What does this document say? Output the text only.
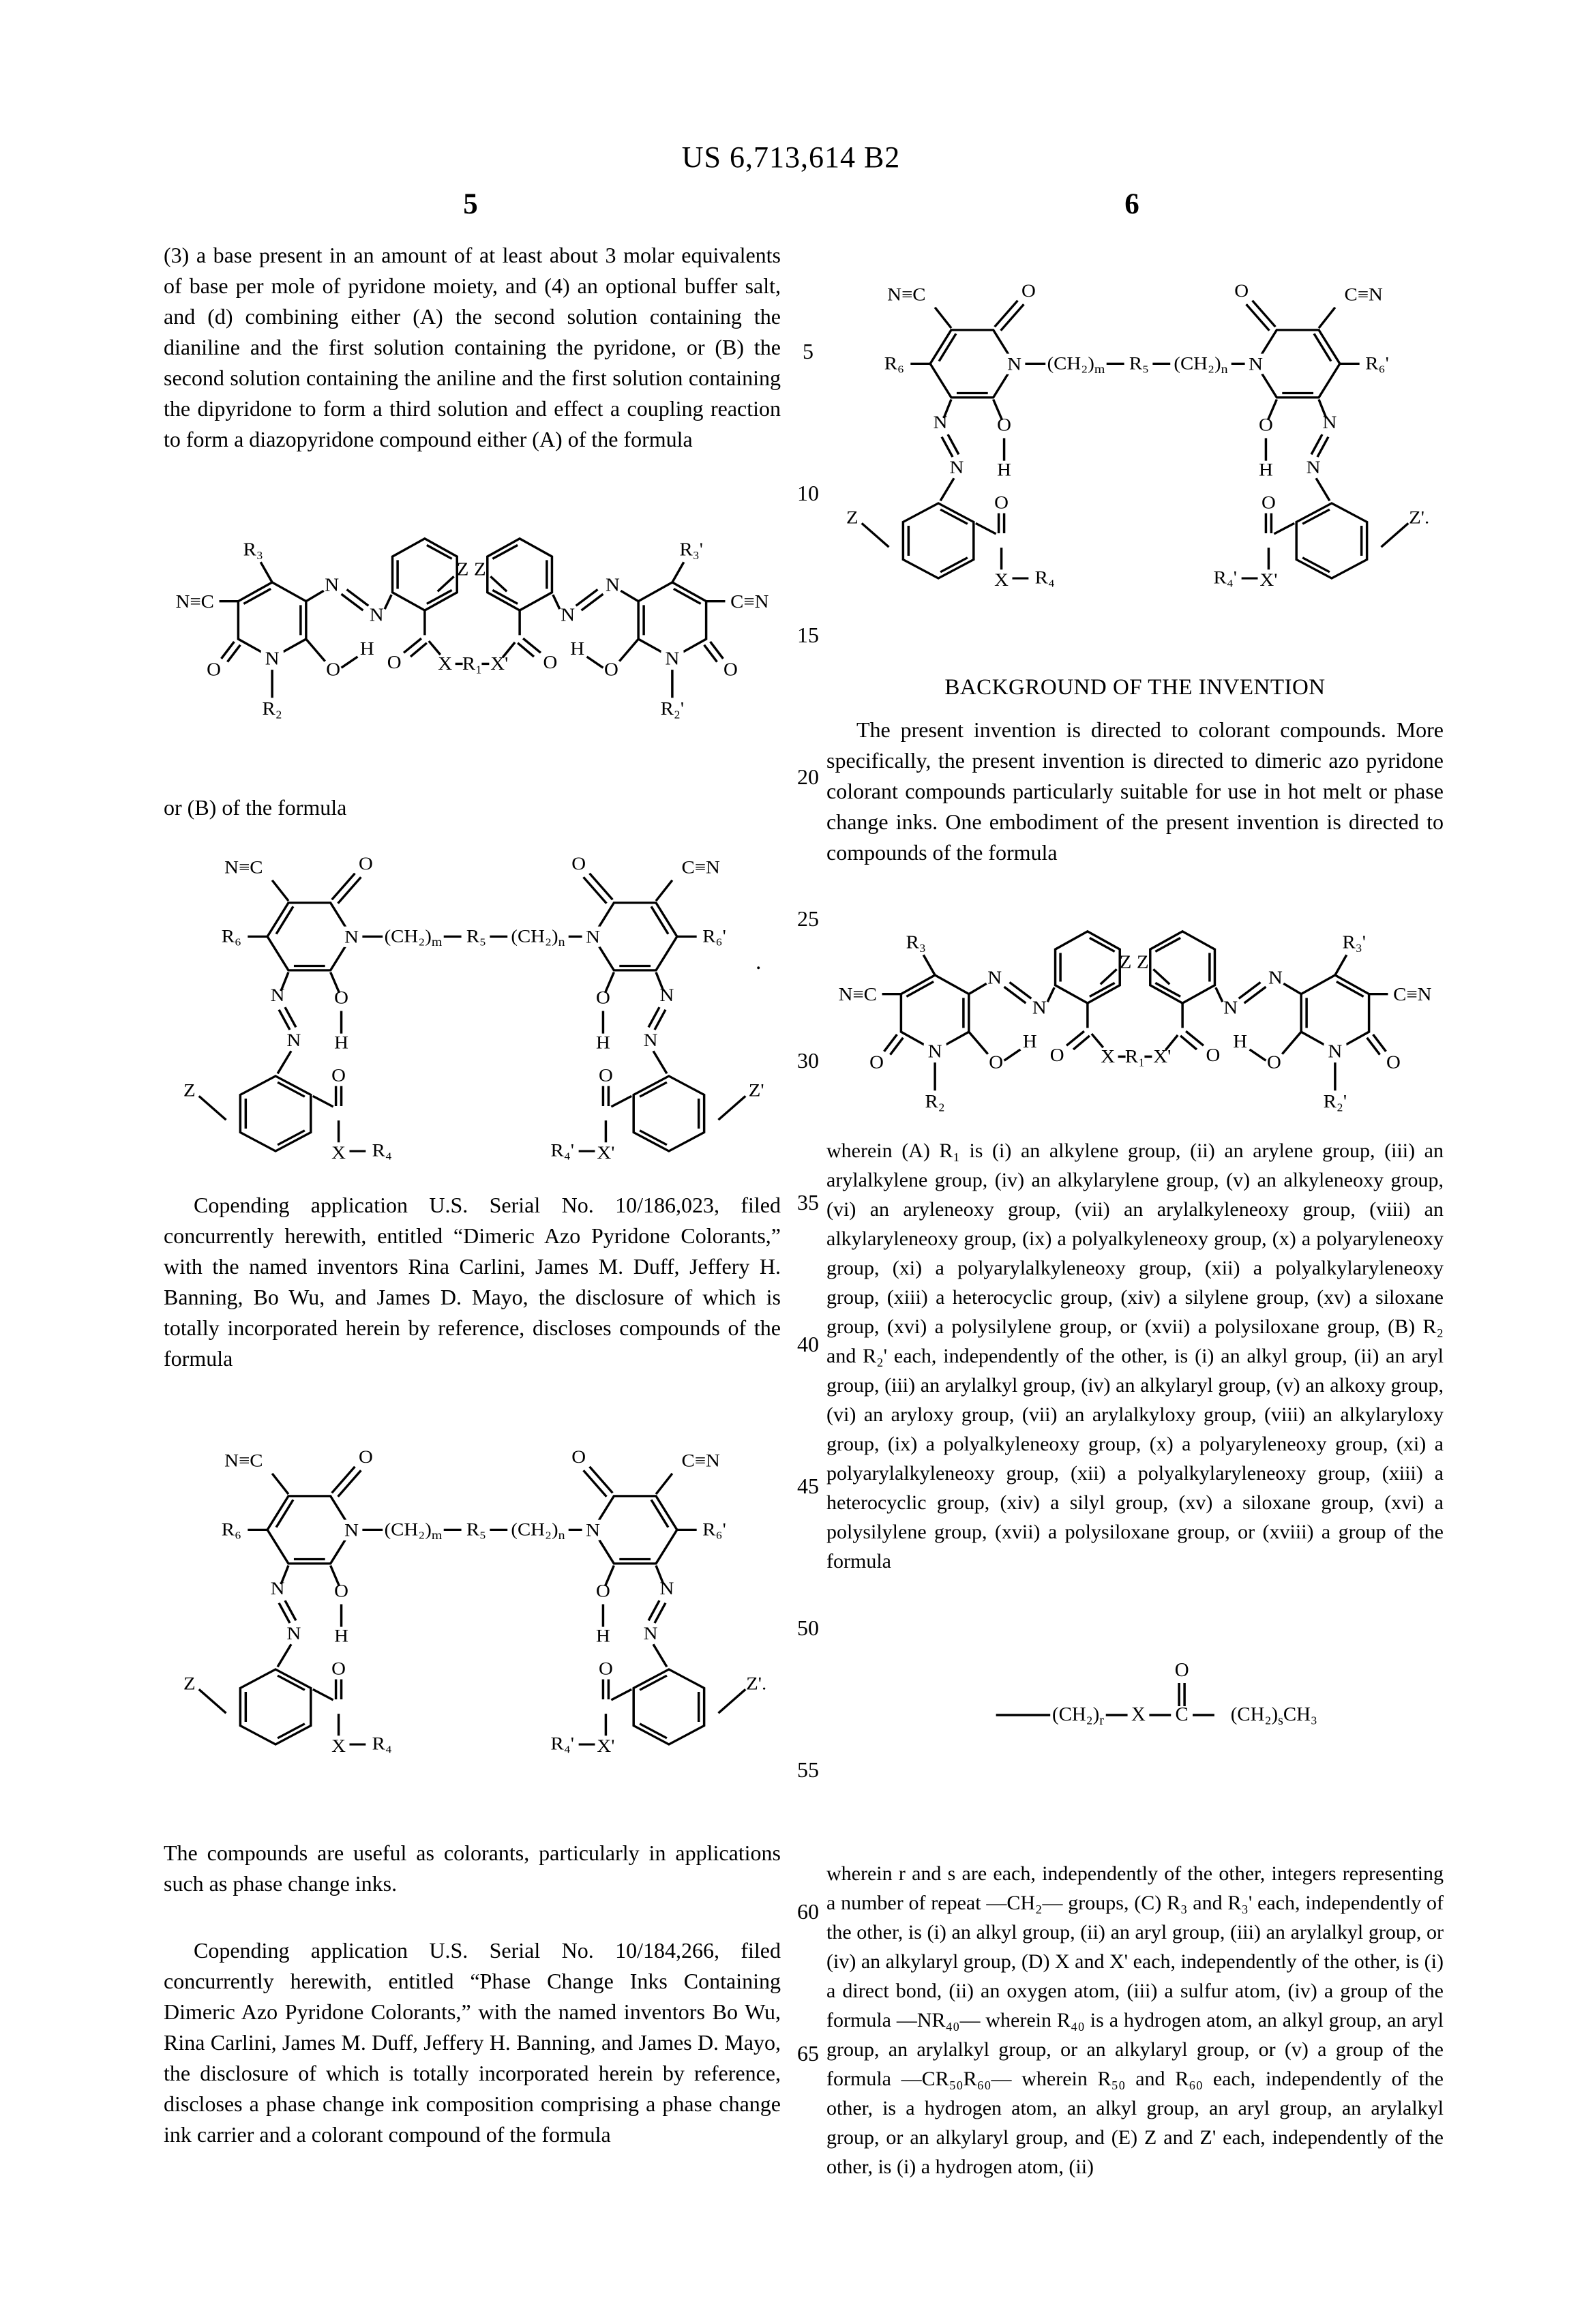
US 6,713,614 B2
5	6
5
10
15
20
25
30
35
40
45
50
55
60
65
(3) a base present in an amount of at least about 3 molar equivalents of base per mole of pyridone moiety, and (4) an optional buffer salt, and (d) combining either (A) the second solution containing the dianiline and the first solution containing the pyridone, or (B) the second solution containing the aniline and the first solution containing the dipyridone to form a third solution and effect a coupling reaction to form a diazopyridone compound either (A) of the formula
N≡C
R₃
N
N
N
R₂
O	O
H
Z Z'
O X R₁ X' O
H
O
N
N
R₃'
C≡N
N
R₂'
O
or (B) of the formula
N≡C	O	O	C≡N
R₆	R₆'
N	N
$(CH_2)_m$ R₅ $(CH_2)_n$
O
H
O
H
N
N
N
N
Z	Z'
O	O
X R₄	X'
R₄'
.
Copending application U.S. Serial No. 10/186,023, filed concurrently herewith, entitled “Dimeric Azo Pyridone Colorants,” with the named inventors Rina Carlini, James M. Duff, Jeffery H. Banning, Bo Wu, and James D. Mayo, the disclosure of which is totally incorporated herein by reference, discloses compounds of the formula
N≡C	O	O	C≡N
R₆	R₆'
N	N
$(CH_2)_m$ R₅ $(CH_2)_n$
O
H
O
H
N
N
N
N
Z	Z'.
O	O
X R₄	X'
R₄'
The compounds are useful as colorants, particularly in applications such as phase change inks.
Copending application U.S. Serial No. 10/184,266, filed concurrently herewith, entitled “Phase Change Inks Containing Dimeric Azo Pyridone Colorants,” with the named inventors Bo Wu, Rina Carlini, James M. Duff, Jeffery H. Banning, and James D. Mayo, the disclosure of which is totally incorporated herein by reference, discloses a phase change ink composition comprising a phase change ink carrier and a colorant compound of the formula
N≡C	O	O	C≡N
R₆	R₆'
N	N
$(CH_2)_m$ R₅ $(CH_2)_n$
O
H
O
H
N
N
N
N
Z	Z'.
O	O
X R₄	X'
R₄'
BACKGROUND OF THE INVENTION
The present invention is directed to colorant compounds. More specifically, the present invention is directed to dimeric azo pyridone colorant compounds particularly suitable for use in hot melt or phase change inks. One embodiment of the present invention is directed to compounds of the formula
N≡C
R₃
N
N
N
R₂
O	O
H
Z Z'
O X R₁ X' O
H
O
N
N
R₃'
C≡N
N
R₂'
O
wherein (A) R₁ is (i) an alkylene group, (ii) an arylene group, (iii) an arylalkylene group, (iv) an alkylarylene group, (v) an alkyleneoxy group, (vi) an aryleneoxy group, (vii) an arylalkyleneoxy group, (viii) an alkylaryleneoxy group, (ix) a polyalkyleneoxy group, (x) a polyaryleneoxy group, (xi) a polyarylalkyleneoxy group, (xii) a polyalkylaryleneoxy group, (xiii) a heterocyclic group, (xiv) a silylene group, (xv) a siloxane group, (xvi) a polysilylene group, or (xvii) a polysiloxane group, (B) R₂ and R₂' each, independently of the other, is (i) an alkyl group, (ii) an aryl group, (iii) an arylalkyl group, (iv) an alkylaryl group, (v) an alkoxy group, (vi) an aryloxy group, (vii) an arylalkyloxy group, (viii) an alkylaryloxy group, (ix) a polyalkyleneoxy group, (x) a polyaryleneoxy group, (xi) a polyarylalkyleneoxy group, (xii) a polyalkylaryleneoxy group, (xiii) a heterocyclic group, (xiv) a silyl group, (xv) a siloxane group, (xvi) a polysilylene group, (xvii) a polysiloxane group, or (xviii) a group of the formula
$(CH_2)_r$ X C
O
$(CH_2)_sCH_3$
wherein r and s are each, independently of the other, integers representing a number of repeat —CH₂— groups, (C) R₃ and R₃' each, independently of the other, is (i) an alkyl group, (ii) an aryl group, (iii) an arylalkyl group, or (iv) an alkylaryl group, (D) X and X' each, independently of the other, is (i) a direct bond, (ii) an oxygen atom, (iii) a sulfur atom, (iv) a group of the formula —NR₄₀— wherein R₄₀ is a hydrogen atom, an alkyl group, an aryl group, an arylalkyl group, or an alkylaryl group, or (v) a group of the formula —CR₅₀R₆₀— wherein R₅₀ and R₆₀ each, independently of the other, is a hydrogen atom, an alkyl group, an aryl group, an arylalkyl group, or an alkylaryl group, and (E) Z and Z' each, independently of the other, is (i) a hydrogen atom, (ii)
